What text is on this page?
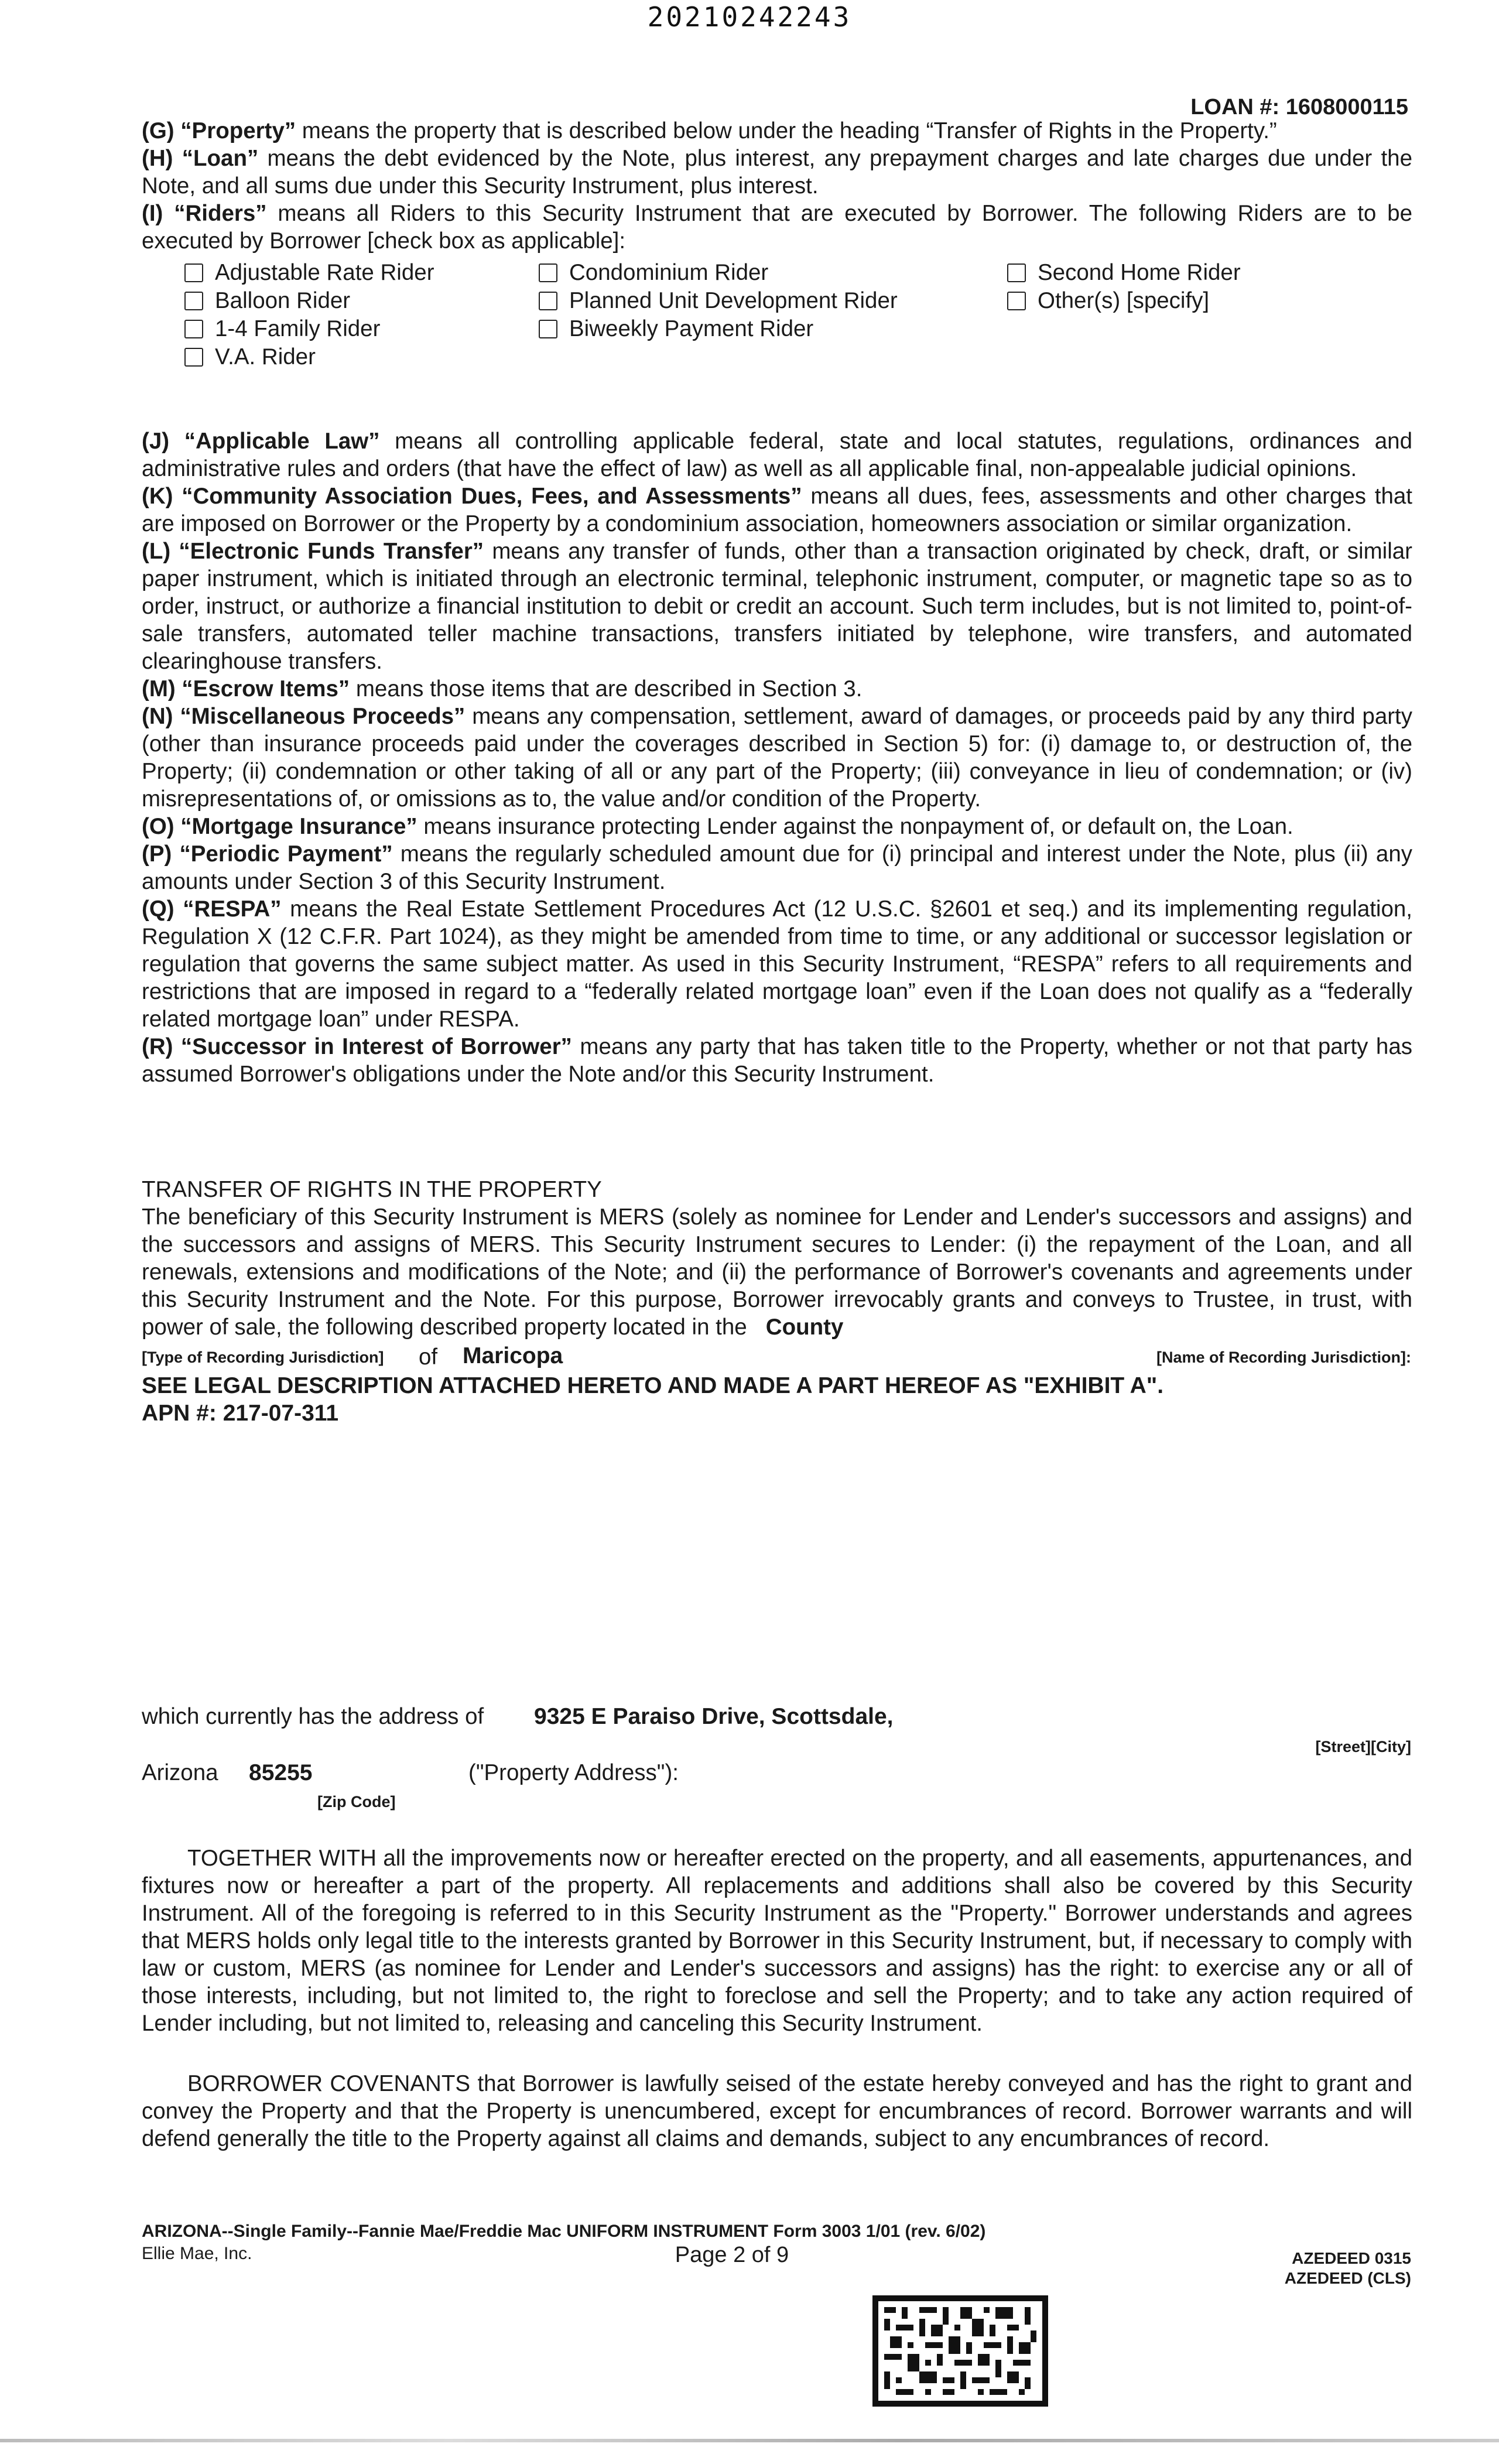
20210242243
LOAN #: 1608000115

(G) “Property” means the property that is described below under the heading “Transfer of Rights in the Property.”

(H) “Loan” means the debt evidenced by the Note, plus interest, any prepayment charges and late charges due under the Note, and all sums due under this Security Instrument, plus interest.

(I) “Riders” means all Riders to this Security Instrument that are executed by Borrower. The following Riders are to be executed by Borrower [check box as applicable]:

Adjustable Rate Rider
Balloon Rider
1-4 Family Rider
V.A. Rider
Condominium Rider
Planned Unit Development Rider
Biweekly Payment Rider
Second Home Rider
Other(s) [specify]

(J) “Applicable Law” means all controlling applicable federal, state and local statutes, regulations, ordinances and administrative rules and orders (that have the effect of law) as well as all applicable final, non-appealable judicial opinions.

(K) “Community Association Dues, Fees, and Assessments” means all dues, fees, assessments and other charges that are imposed on Borrower or the Property by a condominium association, homeowners association or similar organization.

(L) “Electronic Funds Transfer” means any transfer of funds, other than a transaction originated by check, draft, or similar paper instrument, which is initiated through an electronic terminal, telephonic instrument, computer, or magnetic tape so as to order, instruct, or authorize a financial institution to debit or credit an account. Such term includes, but is not limited to, point-of-sale transfers, automated teller machine transactions, transfers initiated by telephone, wire transfers, and automated clearinghouse transfers.

(M) “Escrow Items” means those items that are described in Section 3.

(N) “Miscellaneous Proceeds” means any compensation, settlement, award of damages, or proceeds paid by any third party (other than insurance proceeds paid under the coverages described in Section 5) for: (i) damage to, or destruction of, the Property; (ii) condemnation or other taking of all or any part of the Property; (iii) conveyance in lieu of condemnation; or (iv) misrepresentations of, or omissions as to, the value and/or condition of the Property.

(O) “Mortgage Insurance” means insurance protecting Lender against the nonpayment of, or default on, the Loan.

(P) “Periodic Payment” means the regularly scheduled amount due for (i) principal and interest under the Note, plus (ii) any amounts under Section 3 of this Security Instrument.

(Q) “RESPA” means the Real Estate Settlement Procedures Act (12 U.S.C. §2601 et seq.) and its implementing regulation, Regulation X (12 C.F.R. Part 1024), as they might be amended from time to time, or any additional or successor legislation or regulation that governs the same subject matter. As used in this Security Instrument, “RESPA” refers to all requirements and restrictions that are imposed in regard to a “federally related mortgage loan” even if the Loan does not qualify as a “federally related mortgage loan” under RESPA.

(R) “Successor in Interest of Borrower” means any party that has taken title to the Property, whether or not that party has assumed Borrower's obligations under the Note and/or this Security Instrument.

TRANSFER OF RIGHTS IN THE PROPERTY

The beneficiary of this Security Instrument is MERS (solely as nominee for Lender and Lender's successors and assigns) and the successors and assigns of MERS. This Security Instrument secures to Lender: (i) the repayment of the Loan, and all renewals, extensions and modifications of the Note; and (ii) the performance of Borrower's covenants and agreements under this Security Instrument and the Note. For this purpose, Borrower irrevocably grants and conveys to Trustee, in trust, with power of sale, the following described property located in the County

[Type of Recording Jurisdiction] of Maricopa	[Name of Recording Jurisdiction]:
SEE LEGAL DESCRIPTION ATTACHED HERETO AND MADE A PART HEREOF AS "EXHIBIT A".
APN #: 217-07-311
which currently has the address of 9325 E Paraiso Drive, Scottsdale,
[Street][City]
Arizona 85255
[Zip Code]
("Property Address"):

TOGETHER WITH all the improvements now or hereafter erected on the property, and all easements, appurtenances, and fixtures now or hereafter a part of the property. All replacements and additions shall also be covered by this Security Instrument. All of the foregoing is referred to in this Security Instrument as the "Property." Borrower understands and agrees that MERS holds only legal title to the interests granted by Borrower in this Security Instrument, but, if necessary to comply with law or custom, MERS (as nominee for Lender and Lender's successors and assigns) has the right: to exercise any or all of those interests, including, but not limited to, the right to foreclose and sell the Property; and to take any action required of Lender including, but not limited to, releasing and canceling this Security Instrument.

BORROWER COVENANTS that Borrower is lawfully seised of the estate hereby conveyed and has the right to grant and convey the Property and that the Property is unencumbered, except for encumbrances of record. Borrower warrants and will defend generally the title to the Property against all claims and demands, subject to any encumbrances of record.

ARIZONA--Single Family--Fannie Mae/Freddie Mac UNIFORM INSTRUMENT Form 3003 1/01 (rev. 6/02)
Ellie Mae, Inc.	Page 2 of 9	AZEDEED 0315
AZEDEED (CLS)
